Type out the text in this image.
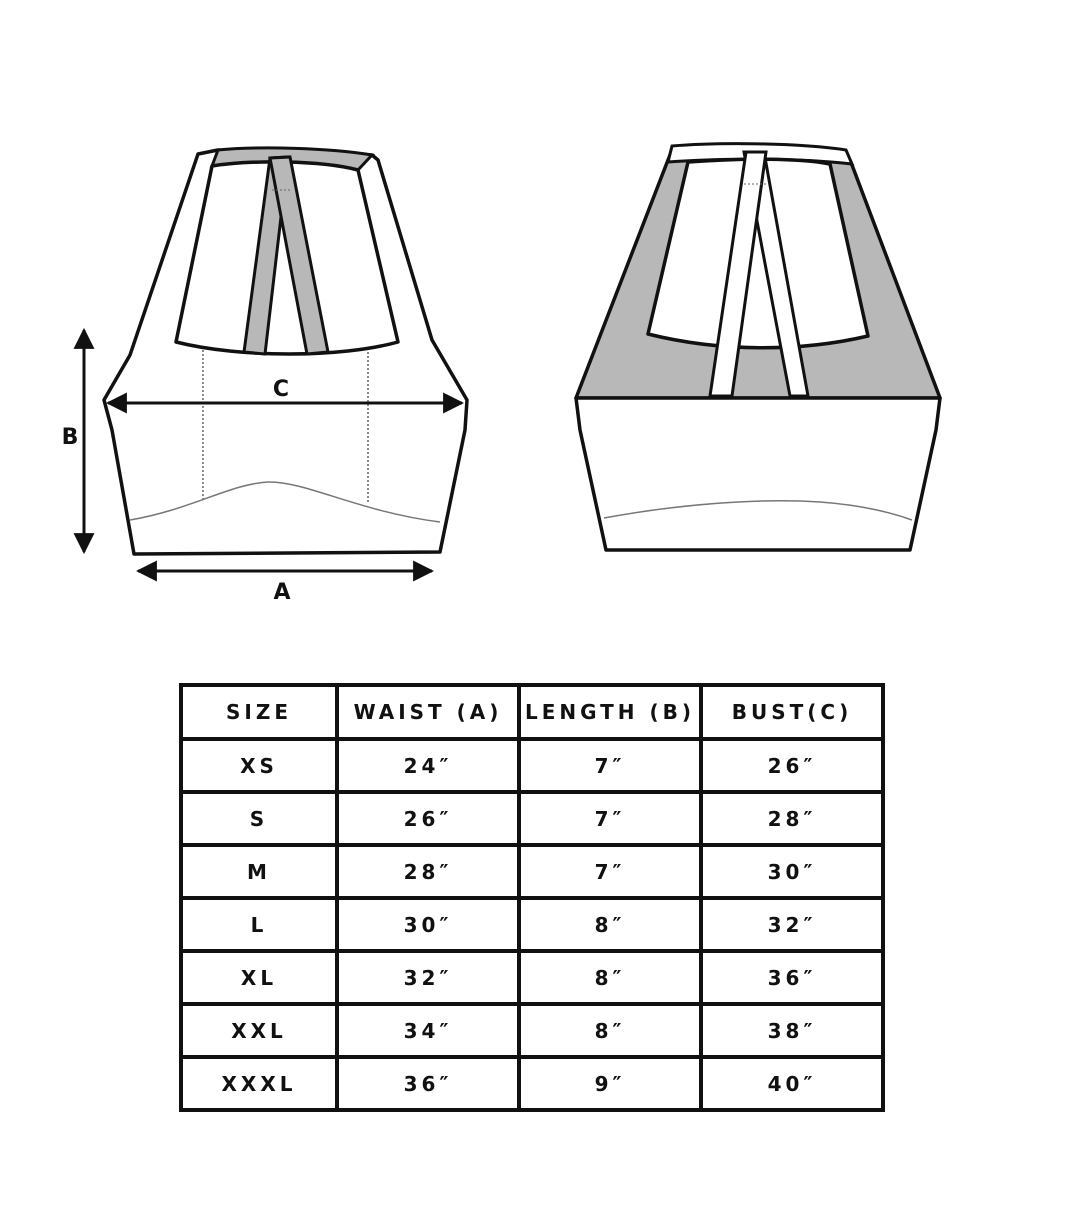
C
B
A
SIZE	WAIST (A)	LENGTH (B)	BUST(C)
XS	24″	7″	26″
S	26″	7″	28″
M	28″	7″	30″
L	30″	8″	32″
XL	32″	8″	36″
XXL	34″	8″	38″
XXXL	36″	9″	40″
